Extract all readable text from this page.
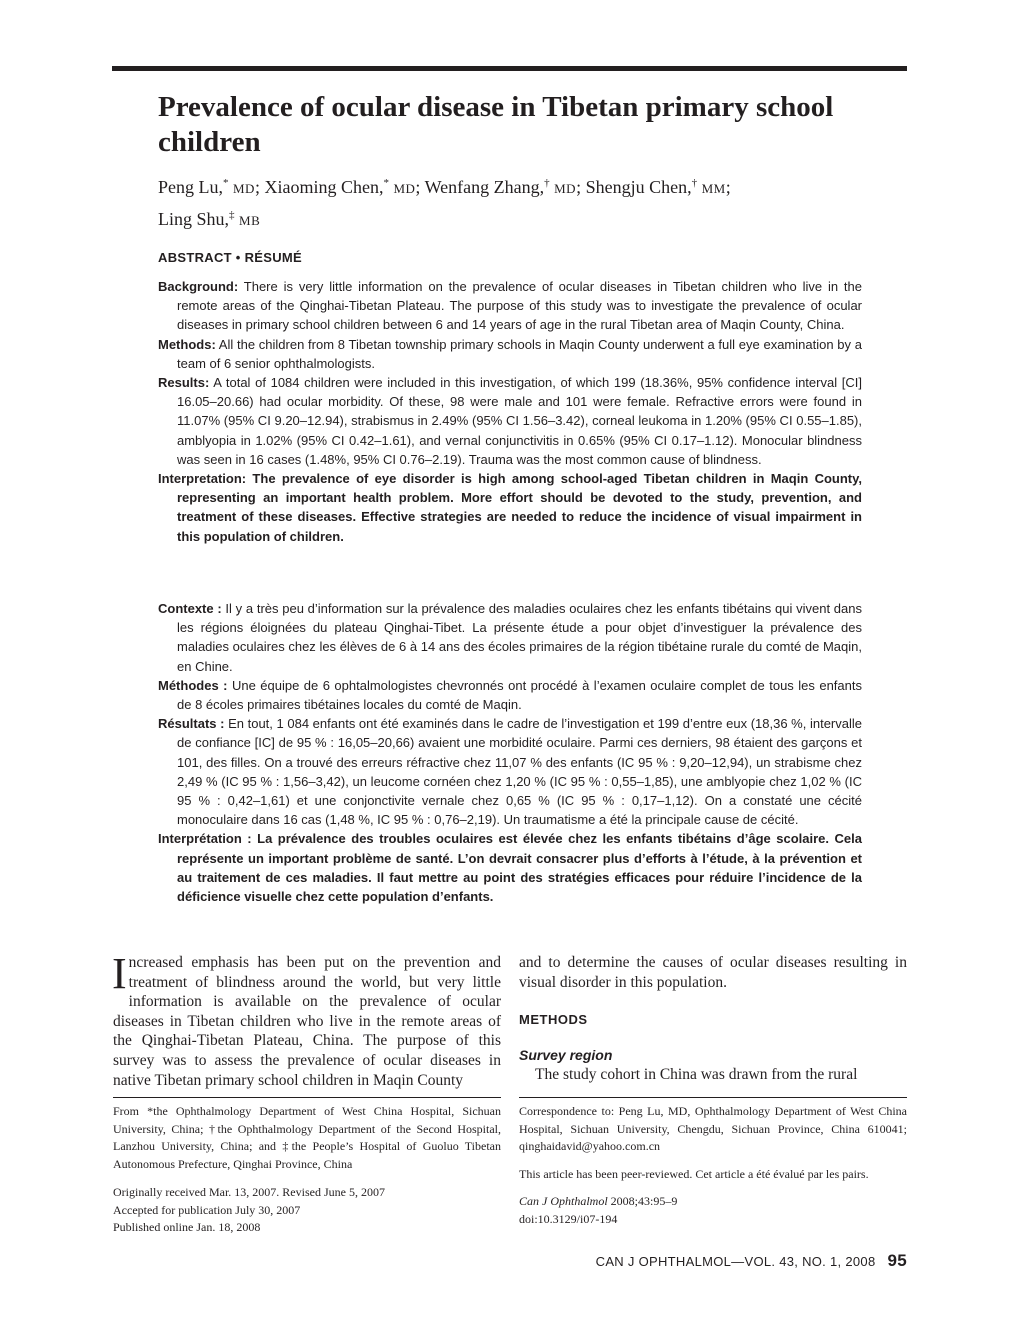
Prevalence of ocular disease in Tibetan primary school children
Peng Lu,* MD; Xiaoming Chen,* MD; Wenfang Zhang,† MD; Shengju Chen,† MM;
Ling Shu,‡ MB
ABSTRACT • RÉSUMÉ

Background: There is very little information on the prevalence of ocular diseases in Tibetan children who live in the remote areas of the Qinghai-Tibetan Plateau. The purpose of this study was to investigate the prevalence of ocular diseases in primary school children between 6 and 14 years of age in the rural Tibetan area of Maqin County, China.

Methods: All the children from 8 Tibetan township primary schools in Maqin County underwent a full eye examination by a team of 6 senior ophthalmologists.

Results: A total of 1084 children were included in this investigation, of which 199 (18.36%, 95% confidence interval [CI] 16.05–20.66) had ocular morbidity. Of these, 98 were male and 101 were female. Refractive errors were found in 11.07% (95% CI 9.20–12.94), strabismus in 2.49% (95% CI 1.56–3.42), corneal leukoma in 1.20% (95% CI 0.55–1.85), amblyopia in 1.02% (95% CI 0.42–1.61), and vernal conjunctivitis in 0.65% (95% CI 0.17–1.12). Monocular blindness was seen in 16 cases (1.48%, 95% CI 0.76–2.19). Trauma was the most common cause of blindness.

Interpretation: The prevalence of eye disorder is high among school-aged Tibetan children in Maqin County, representing an important health problem. More effort should be devoted to the study, prevention, and treatment of these diseases. Effective strategies are needed to reduce the incidence of visual impairment in this population of children.

Contexte : Il y a très peu d’information sur la prévalence des maladies oculaires chez les enfants tibétains qui vivent dans les régions éloignées du plateau Qinghai-Tibet. La présente étude a pour objet d’investiguer la prévalence des maladies oculaires chez les élèves de 6 à 14 ans des écoles primaires de la région tibétaine rurale du comté de Maqin, en Chine.

Méthodes : Une équipe de 6 ophtalmologistes chevronnés ont procédé à l’examen oculaire complet de tous les enfants de 8 écoles primaires tibétaines locales du comté de Maqin.

Résultats : En tout, 1 084 enfants ont été examinés dans le cadre de l’investigation et 199 d’entre eux (18,36 %, intervalle de confiance [IC] de 95 % : 16,05–20,66) avaient une morbidité oculaire. Parmi ces derniers, 98 étaient des garçons et 101, des filles. On a trouvé des erreurs réfractive chez 11,07 % des enfants (IC 95 % : 9,20–12,94), un strabisme chez 2,49 % (IC 95 % : 1,56–3,42), un leucome cornéen chez 1,20 % (IC 95 % : 0,55–1,85), une amblyopie chez 1,02 % (IC 95 % : 0,42–1,61) et une conjonctivite vernale chez 0,65 % (IC 95 % : 0,17–1,12). On a constaté une cécité monoculaire dans 16 cas (1,48 %, IC 95 % : 0,76–2,19). Un traumatisme a été la principale cause de cécité.

Interprétation : La prévalence des troubles oculaires est élevée chez les enfants tibétains d’âge scolaire. Cela représente un important problème de santé. L’on devrait consacrer plus d’efforts à l’étude, à la prévention et au traitement de ces maladies. Il faut mettre au point des stratégies efficaces pour réduire l’incidence de la déficience visuelle chez cette population d’enfants.

Increased emphasis has been put on the prevention and treatment of blindness around the world, but very little information is available on the prevalence of ocular diseases in Tibetan children who live in the remote areas of the Qinghai-Tibetan Plateau, China. The purpose of this survey was to assess the prevalence of ocular diseases in native Tibetan primary school children in Maqin County

and to determine the causes of ocular diseases resulting in visual disorder in this population.

METHODS

Survey region

The study cohort in China was drawn from the rural

From *the Ophthalmology Department of West China Hospital, Sichuan University, China; †the Ophthalmology Department of the Second Hospital, Lanzhou University, China; and ‡the People’s Hospital of Guoluo Tibetan Autonomous Prefecture, Qinghai Province, China

Originally received Mar. 13, 2007. Revised June 5, 2007
Accepted for publication July 30, 2007
Published online Jan. 18, 2008

Correspondence to: Peng Lu, MD, Ophthalmology Department of West China Hospital, Sichuan University, Chengdu, Sichuan Province, China 610041; qinghaidavid@yahoo.com.cn

This article has been peer-reviewed. Cet article a été évalué par les pairs.

Can J Ophthalmol 2008;43:95–9
doi:10.3129/i07-194

CAN J OPHTHALMOL—VOL. 43, NO. 1, 2008 95
